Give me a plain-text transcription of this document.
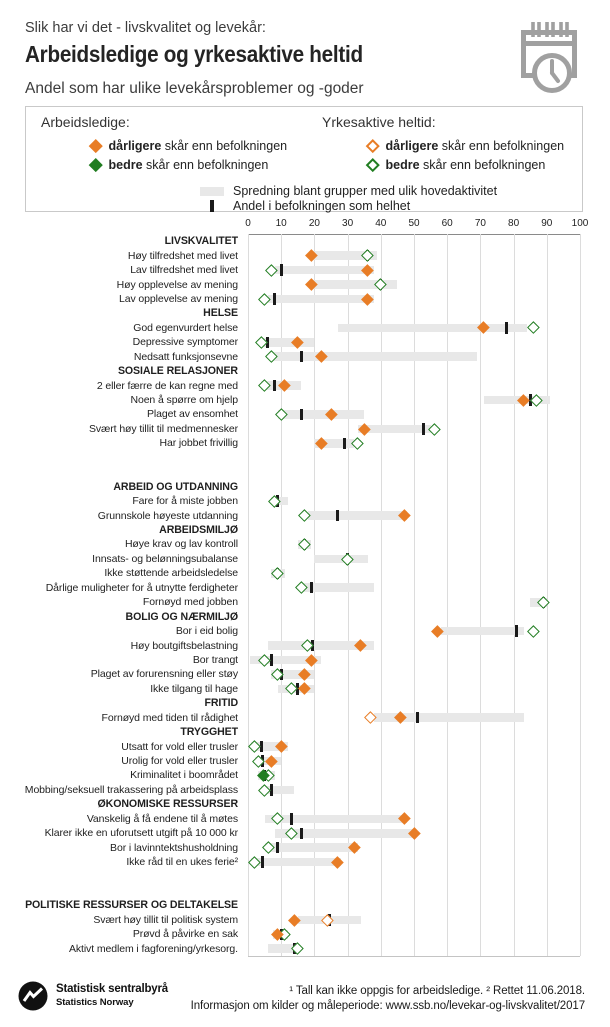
Slik har vi det - livskvalitet og levekår:
Arbeidsledige og yrkesaktive heltid
Andel som har ulike levekårsproblemer og -goder
Arbeidsledige:	Yrkesaktive heltid:
dårligere skår enn befolkningen
bedre skår enn befolkningen
dårligere skår enn befolkningen
bedre skår enn befolkningen
Spredning blant grupper med ulik hovedaktivitet
Andel i befolkningen som helhet
0 10 20 30 40 50 60 70 80 90 100
LIVSKVALITET
Høy tilfredshet med livet
Lav tilfredshet med livet
Høy opplevelse av mening
Lav opplevelse av mening
HELSE
God egenvurdert helse
Depressive symptomer
Nedsatt funksjonsevne
SOSIALE RELASJONER
2 eller færre de kan regne med
Noen å spørre om hjelp
Plaget av ensomhet
Svært høy tillit til medmennesker
Har jobbet frivillig
ARBEID OG UTDANNING
Fare for å miste jobben
Grunnskole høyeste utdanning
ARBEIDSMILJØ
Høye krav og lav kontroll
Innsats- og belønningsubalanse
Ikke støttende arbeidsledelse
Dårlige muligheter for å utnytte ferdigheter
Fornøyd med jobben
BOLIG OG NÆRMILJØ
Bor i eid bolig
Høy boutgiftsbelastning
Bor trangt
Plaget av forurensning eller støy
Ikke tilgang til hage
FRITID
Fornøyd med tiden til rådighet
TRYGGHET
Utsatt for vold eller trusler
Urolig for vold eller trusler
Kriminalitet i boområdet
Mobbing/seksuell trakassering på arbeidsplass
ØKONOMISKE RESSURSER
Vanskelig å få endene til å møtes
Klarer ikke en uforutsett utgift på 10 000 kr
Bor i lavinntektshusholdning
Ikke råd til en ukes ferie²
POLITISKE RESSURSER OG DELTAKELSE
Svært høy tillit til politisk system
Prøvd å påvirke en sak
Aktivt medlem i fagforening/yrkesorg.
Statistisk sentralbyrå
Statistics Norway
¹ Tall kan ikke oppgis for arbeidsledige. ² Rettet 11.06.2018.
Informasjon om kilder og måleperiode: www.ssb.no/levekar-og-livskvalitet/2017
